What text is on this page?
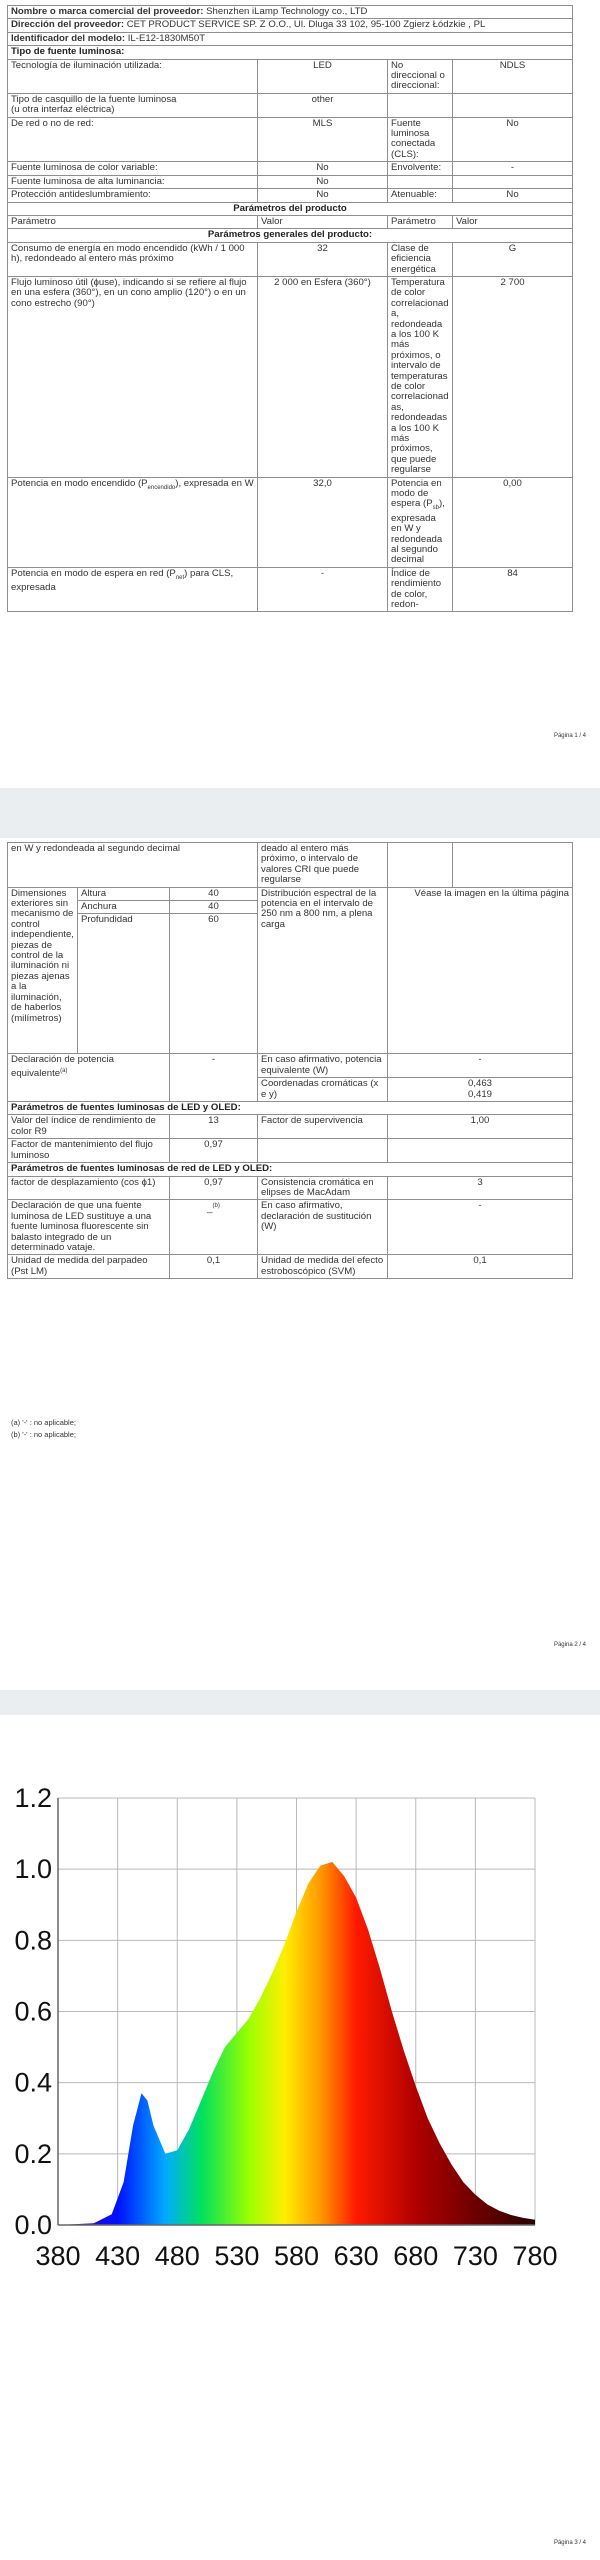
Nombre o marca comercial del proveedor: Shenzhen iLamp Technology co., LTD			
Dirección del proveedor: CET PRODUCT SERVICE SP. Z O.O., Ul. Dluga 33 102, 95-100 Zgierz Łódzkie , PL			
Identificador del modelo: IL-E12-1830M50T			
Tipo de fuente luminosa:			
Tecnología de iluminación utilizada:	LED	No direccional o direccional:	NDLS
Tipo de casquillo de la fuente luminosa
(u otra interfaz eléctrica)	other		
De red o no de red:	MLS	Fuente luminosa conectada (CLS):	No
Fuente luminosa de color variable:	No	Envolvente:	-
Fuente luminosa de alta luminancia:	No		
Protección antideslumbramiento:	No	Atenuable:	No
Parámetros del producto			
Parámetro	Valor	Parámetro	Valor
Parámetros generales del producto:			
Consumo de energía en modo encendido (kWh / 1 000 h), redondeado al entero más próximo	32	Clase de eficiencia energética	G
Flujo luminoso útil (ɸuse), indicando si se refiere al flujo en una esfera (360°), en un cono amplio (120°) o en un cono estrecho (90°)	2 000 en Esfera (360°)	Temperatura de color correlacionada, redondeada a los 100 K más próximos, o intervalo de temperaturas de color correlacionadas, redondeadas a los 100 K más próximos, que puede regularse	2 700
Potencia en modo encendido $(P_{encendido})$, expresada en W	32,0	Potencia en modo de espera $(P_{sb})$, expresada en W y redondeada al segundo decimal	0,00
Potencia en modo de espera en red $(P_{net})$ para CLS, expresada	-	Índice de rendimiento de color, redon-	84
Página 1 / 4
en W y redondeada al segundo decimal			deado al entero más próximo, o intervalo de valores CRI que puede regularse		
Dimensiones exteriores sin mecanismo de control independiente, piezas de control de la iluminación ni piezas ajenas a la iluminación, de haberlos (milímetros)	Altura	40	Distribución espectral de la potencia en el intervalo de 250 nm a 800 nm, a plena carga	Véase la imagen en la última página	
	Anchura	40			
	Profundidad	60			
Declaración de potencia equivalente$^{(a)}$		-	En caso afirmativo, potencia equivalente (W)	-	
			Coordenadas cromáticas (x e y)	0,463
0,419	
Parámetros de fuentes luminosas de LED y OLED:					
Valor del índice de rendimiento de color R9		13	Factor de supervivencia	1,00	
Factor de mantenimiento del flujo luminoso		0,97			
Parámetros de fuentes luminosas de red de LED y OLED:					
factor de desplazamiento (cos ɸ1)		0,97	Consistencia cromática en elipses de MacAdam	3	
Declaración de que una fuente luminosa de LED sustituye a una fuente luminosa fluorescente sin balasto integrado de un determinado vataje.		_$^{(b)}$	En caso afirmativo, declaración de sustitución (W)	-	
Unidad de medida del parpadeo (Pst LM)		0,1	Unidad de medida del efecto estroboscópico (SVM)	0,1	
(a) '-' : no aplicable;
(b) '-' : no aplicable;
Página 2 / 4
0.0
0.2
0.4
0.6
0.8
1.0
1.2
380 430 480 530 580 630 680 730 780
Página 3 / 4
